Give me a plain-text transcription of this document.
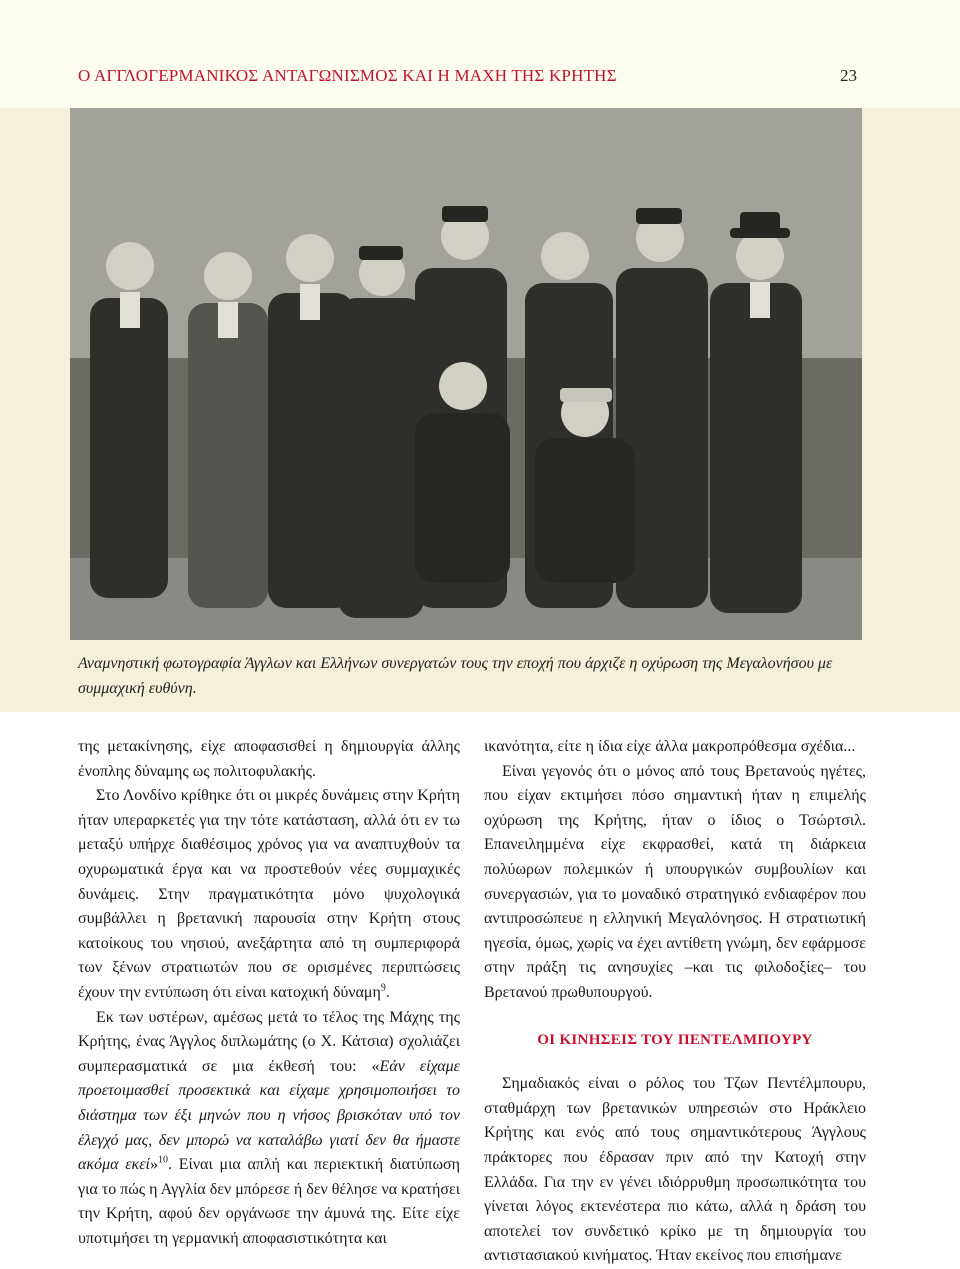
Ο ΑΓΓΛΟΓΕΡΜΑΝΙΚΟΣ ΑΝΤΑΓΩΝΙΣΜΟΣ ΚΑΙ Η ΜΑΧΗ ΤΗΣ ΚΡΗΤΗΣ	23
Αναμνηστική φωτογραφία Άγγλων και Ελλήνων συνεργατών τους την εποχή που άρχιζε η οχύρωση της Μεγαλονήσου με συμμαχική ευθύνη.

της μετακίνησης, είχε αποφασισθεί η δημιουργία άλλης ένοπλης δύναμης ως πολιτοφυλακής.

Στο Λονδίνο κρίθηκε ότι οι μικρές δυνάμεις στην Κρήτη ήταν υπεραρκετές για την τότε κατάσταση, αλλά ότι εν τω μεταξύ υπήρχε διαθέσιμος χρόνος για να αναπτυχθούν τα οχυρωματικά έργα και να προστεθούν νέες συμμαχικές δυνάμεις. Στην πραγματικότητα μόνο ψυχολογικά συμβάλλει η βρετανική παρουσία στην Κρήτη στους κατοίκους του νησιού, ανεξάρτητα από τη συμπεριφορά των ξένων στρατιωτών που σε ορισμένες περιπτώσεις έχουν την εντύπωση ότι είναι κατοχική δύναμη$^9$.

Εκ των υστέρων, αμέσως μετά το τέλος της Μάχης της Κρήτης, ένας Άγγλος διπλωμάτης (ο Χ. Κάτσια) σχολιάζει συμπερασματικά σε μια έκθεσή του: «Εάν είχαμε προετοιμασθεί προσεκτικά και είχαμε χρησιμοποιήσει το διάστημα των έξι μηνών που η νήσος βρισκόταν υπό τον έλεγχό μας, δεν μπορώ να καταλάβω γιατί δεν θα ήμαστε ακόμα εκεί»$^{10}$. Είναι μια απλή και περιεκτική διατύπωση για το πώς η Αγγλία δεν μπόρεσε ή δεν θέλησε να κρατήσει την Κρήτη, αφού δεν οργάνωσε την άμυνά της. Είτε είχε υποτιμήσει τη γερμανική αποφασιστικότητα και

ικανότητα, είτε η ίδια είχε άλλα μακροπρόθεσμα σχέδια...

Είναι γεγονός ότι ο μόνος από τους Βρετανούς ηγέτες, που είχαν εκτιμήσει πόσο σημαντική ήταν η επιμελής οχύρωση της Κρήτης, ήταν ο ίδιος ο Τσώρτσιλ. Επανειλημμένα είχε εκφρασθεί, κατά τη διάρκεια πολύωρων πολεμικών ή υπουργικών συμβουλίων και συνεργασιών, για το μοναδικό στρατηγικό ενδιαφέρον που αντιπροσώπευε η ελληνική Μεγαλόνησος. Η στρατιωτική ηγεσία, όμως, χωρίς να έχει αντίθετη γνώμη, δεν εφάρμοσε στην πράξη τις ανησυχίες –και τις φιλοδοξίες– του Βρετανού πρωθυπουργού.

ΟΙ ΚΙΝΗΣΕΙΣ ΤΟΥ ΠΕΝΤΕΛΜΠΟΥΡΥ

Σημαδιακός είναι ο ρόλος του Τζων Πεντέλμπουρυ, σταθμάρχη των βρετανικών υπηρεσιών στο Ηράκλειο Κρήτης και ενός από τους σημαντικότερους Άγγλους πράκτορες που έδρασαν πριν από την Κατοχή στην Ελλάδα. Για την εν γένει ιδιόρρυθμη προσωπικότητα του γίνεται λόγος εκτενέστερα πιο κάτω, αλλά η δράση του αποτελεί τον συνδετικό κρίκο με τη δημιουργία του αντιστασιακού κινήματος. Ήταν εκείνος που επισήμανε
